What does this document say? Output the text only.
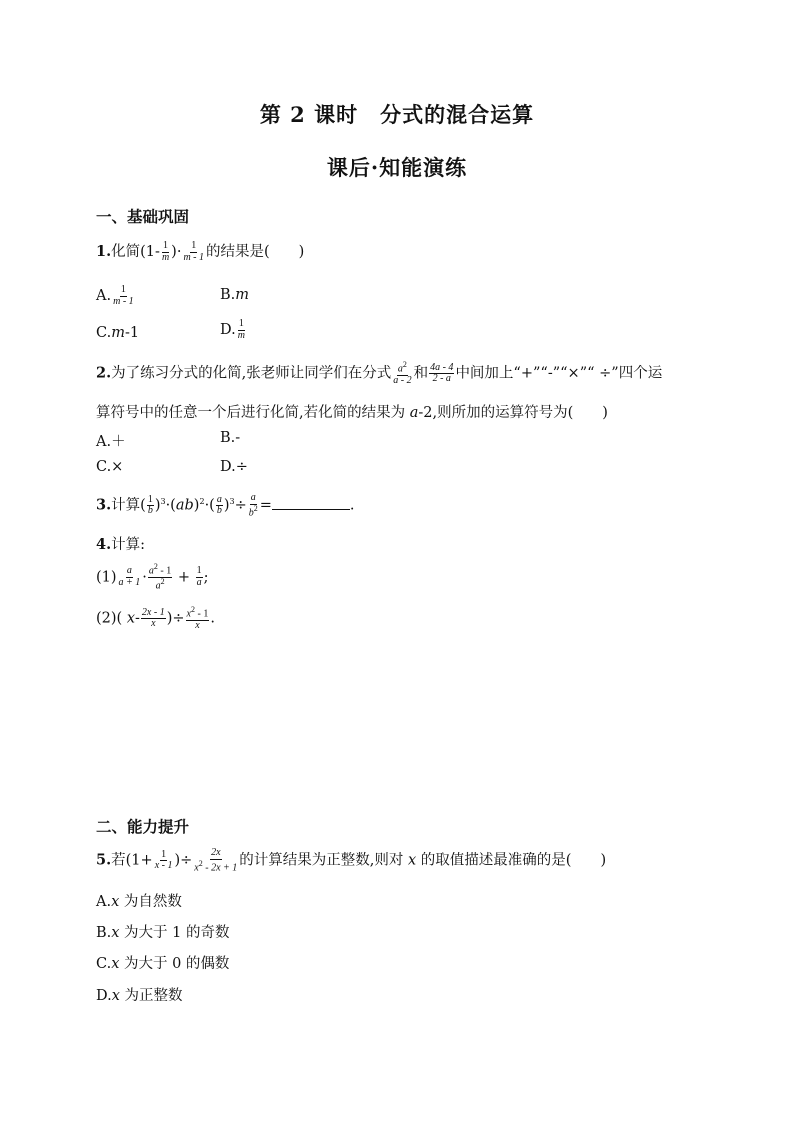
第 2 课时　分式的混合运算
课后·知能演练
一、基础巩固
1.化简($1- \frac{1}{m}$ )· $\frac{1}{m - 1}$ 的结果是(　　)
A. $\frac{1}{m - 1}$	B.m
C.m-1	D. $\frac{1}{m}$
2.为了练习分式的化简,张老师让同学们在分式 $\frac{a^2}{a - 2}$ 和 $\frac{4a - 4}{2 - a}$ 中间加上“+”“-”“×”“ ÷”四个运
算符号中的任意一个后进行化简,若化简的结果为 a-2,则所加的运算符号为(　　)
A.＋	B.-
C.×	D.÷
3.计算( $\frac{1}{b} )^3\cdot(ab)^2\cdot( \frac{a}{b} )^3\div \frac{a}{b^2}$ =	.
4.计算:
$(1) \frac{a}{a + 1} \cdot \frac{a^2 - 1}{a^2} + \frac{1}{a}$ ;
(2)( $x- \frac{2x - 1}{x}$ )÷ $\frac{x^2 - 1}{x}$ .
二、能力提升
5.若($1+ \frac{1}{x - 1}$ )÷ $\frac{2x}{x^2 - 2x + 1}$ 的计算结果为正整数,则对 x 的取值描述最准确的是(　　)
A.x 为自然数
B.x 为大于 1 的奇数
C.x 为大于 0 的偶数
D.x 为正整数
